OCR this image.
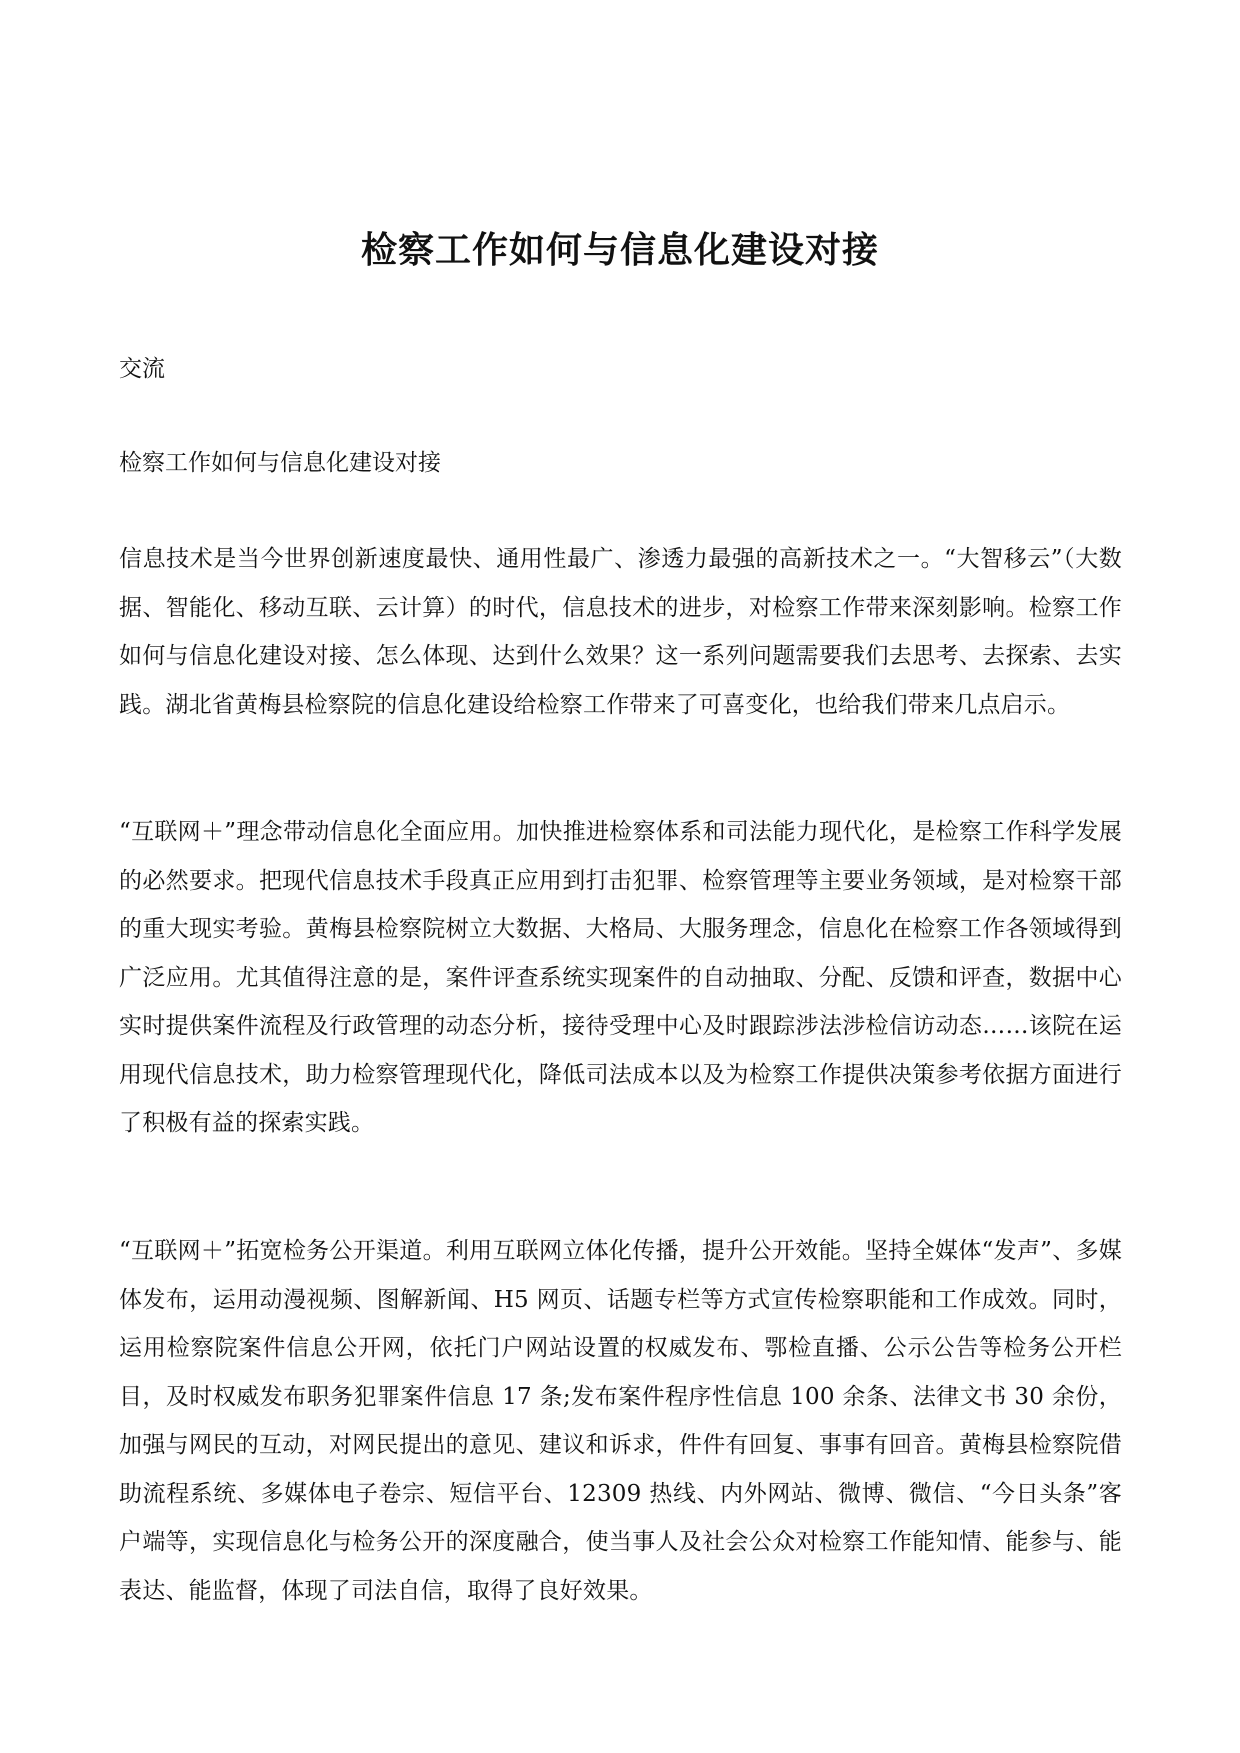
检察工作如何与信息化建设对接

交流

检察工作如何与信息化建设对接

信息技术是当今世界创新速度最快、通用性最广、渗透力最强的高新技术之一。“大智移云”（大数据、智能化、移动互联、云计算）的时代，信息技术的进步，对检察工作带来深刻影响。检察工作如何与信息化建设对接、怎么体现、达到什么效果？这一系列问题需要我们去思考、去探索、去实践。湖北省黄梅县检察院的信息化建设给检察工作带来了可喜变化，也给我们带来几点启示。

“互联网＋”理念带动信息化全面应用。加快推进检察体系和司法能力现代化，是检察工作科学发展的必然要求。把现代信息技术手段真正应用到打击犯罪、检察管理等主要业务领域，是对检察干部的重大现实考验。黄梅县检察院树立大数据、大格局、大服务理念，信息化在检察工作各领域得到广泛应用。尤其值得注意的是，案件评查系统实现案件的自动抽取、分配、反馈和评查，数据中心实时提供案件流程及行政管理的动态分析，接待受理中心及时跟踪涉法涉检信访动态……该院在运用现代信息技术，助力检察管理现代化，降低司法成本以及为检察工作提供决策参考依据方面进行了积极有益的探索实践。

“互联网＋”拓宽检务公开渠道。利用互联网立体化传播，提升公开效能。坚持全媒体“发声”、多媒体发布，运用动漫视频、图解新闻、H5 网页、话题专栏等方式宣传检察职能和工作成效。同时，运用检察院案件信息公开网，依托门户网站设置的权威发布、鄂检直播、公示公告等检务公开栏目，及时权威发布职务犯罪案件信息 17 条;发布案件程序性信息 100 余条、法律文书 30 余份，加强与网民的互动，对网民提出的意见、建议和诉求，件件有回复、事事有回音。黄梅县检察院借助流程系统、多媒体电子卷宗、短信平台、12309 热线、内外网站、微博、微信、“今日头条”客户端等，实现信息化与检务公开的深度融合，使当事人及社会公众对检察工作能知情、能参与、能表达、能监督，体现了司法自信，取得了良好效果。
